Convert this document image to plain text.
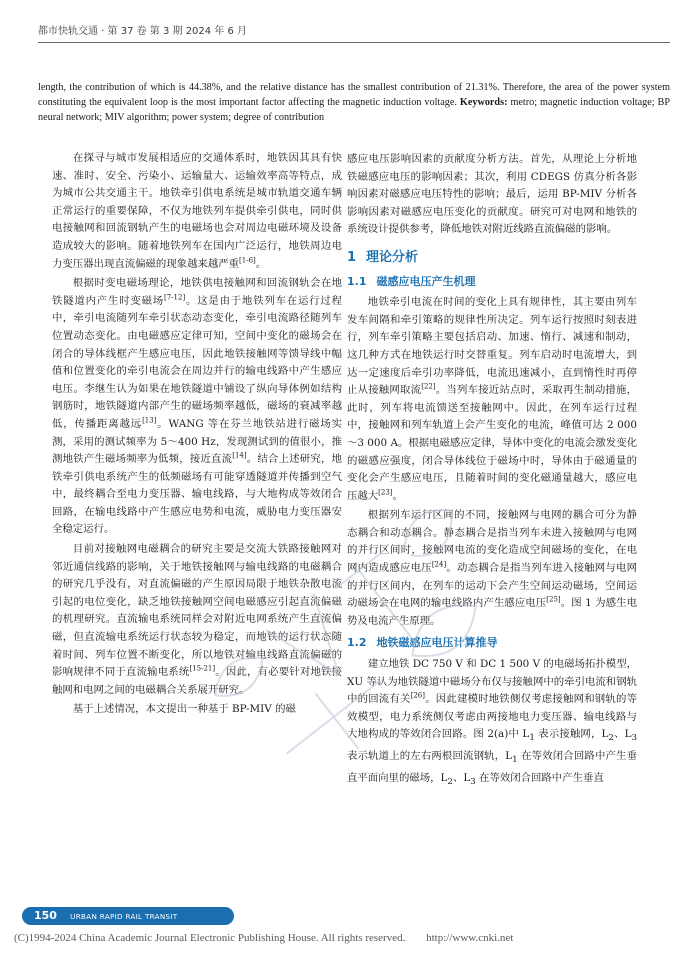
都市快轨交通 · 第 37 卷 第 3 期 2024 年 6 月
length, the contribution of which is 44.38%, and the relative distance has the smallest contribution of 21.31%. Therefore, the area of the power system constituting the equivalent loop is the most important factor affecting the magnetic induction voltage. Keywords: metro; magnetic induction voltage; BP neural network; MIV algorithm; power system; degree of contribution

在探寻与城市发展相适应的交通体系时，地铁因其具有快速、准时、安全、污染小、运输量大、运输效率高等特点，成为城市公共交通主干。地铁牵引供电系统是城市轨道交通车辆正常运行的重要保障，不仅为地铁列车提供牵引供电，同时供电接触网和回流钢轨产生的电磁场也会对周边电磁环境及设备造成较大的影响。随着地铁列车在国内广泛运行，地铁周边电力变压器出现直流偏磁的现象越来越严重[1-6]。

根据时变电磁场理论，地铁供电接触网和回流钢轨会在地铁隧道内产生时变磁场[7-12]。这是由于地铁列车在运行过程中，牵引电流随列车牵引状态动态变化，牵引电流路径随列车位置动态变化。由电磁感应定律可知，空间中变化的磁场会在闭合的导体线框产生感应电压，因此地铁接触网等馈导线中幅值和位置变化的牵引电流会在周边并行的输电线路中产生感应电压。李继生认为如果在地铁隧道中铺设了纵向导体例如结构钢筋时，地铁隧道内部产生的磁场频率越低，磁场的衰减率越低，传播距离越远[13]。WANG 等在芬兰地铁站进行磁场实测，采用的测试频率为 5～400 Hz，发现测试到的值很小，推测地铁产生磁场频率为低频，接近直流[14]。结合上述研究，地铁牵引供电系统产生的低频磁场有可能穿透隧道并传播到空气中，最终耦合至电力变压器、输电线路，与大地构成等效闭合回路，在输电线路中产生感应电势和电流，威胁电力变压器安全稳定运行。

目前对接触网电磁耦合的研究主要是交流大铁路接触网对邻近通信线路的影响，关于地铁接触网与输电线路的电磁耦合的研究几乎没有，对直流偏磁的产生原因局限于地铁杂散电流引起的电位变化，缺乏地铁接触网空间电磁感应引起直流偏磁的机理研究。直流输电系统同样会对附近电网系统产生直流偏磁，但直流输电系统运行状态较为稳定，而地铁的运行状态随着时间、列车位置不断变化，所以地铁对输电线路直流偏磁的影响规律不同于直流输电系统[15-21]。因此，有必要针对地铁接触网和电网之间的电磁耦合关系展开研究。

基于上述情况，本文提出一种基于 BP-MIV 的磁

感应电压影响因素的贡献度分析方法。首先，从理论上分析地铁磁感应电压的影响因素；其次，利用 CDEGS 仿真分析各影响因素对磁感应电压特性的影响；最后，运用 BP-MIV 分析各影响因素对磁感应电压变化的贡献度。研究可对电网和地铁的系统设计提供参考，降低地铁对附近线路直流偏磁的影响。

1 理论分析
1.1 磁感应电压产生机理

地铁牵引电流在时间的变化上具有规律性，其主要由列车发车间隔和牵引策略的规律性所决定。列车运行按照时刻表进行，列车牵引策略主要包括启动、加速、惰行、减速和制动，这几种方式在地铁运行时交替重复。列车启动时电流增大，到达一定速度后牵引功率降低，电流迅速减小，直到惰性时再停止从接触网取流[22]。当列车接近站点时，采取再生制动措施，此时，列车将电流馈送至接触网中。因此，在列车运行过程中，接触网和列车轨道上会产生变化的电流，峰值可达 2 000～3 000 A。根据电磁感应定律，导体中变化的电流会激发变化的磁感应强度，闭合导体线位于磁场中时，导体由于磁通量的变化会产生感应电压，且随着时间的变化磁通量越大，感应电压越大[23]。

根据列车运行区间的不同，接触网与电网的耦合可分为静态耦合和动态耦合。静态耦合是指当列车未进入接触网与电网的并行区间时，接触网电流的变化造成空间磁场的变化，在电网内造成感应电压[24]。动态耦合是指当列车进入接触网与电网的并行区间内，在列车的运动下会产生空间运动磁场，空间运动磁场会在电网的输电线路内产生感应电压[25]。图 1 为感生电势及电流产生原理。

1.2 地铁磁感应电压计算推导

建立地铁 DC 750 V 和 DC 1 500 V 的电磁场拓扑模型，XU 等认为地铁隧道中磁场分布仅与接触网中的牵引电流和钢轨中的回流有关[26]。因此建模时地铁侧仅考虑接触网和钢轨的等效模型，电力系统侧仅考虑由两接地电力变压器、输电线路与大地构成的等效闭合回路。图 2(a)中 $L_1$ 表示接触网，$L_2$、$L_3$ 表示轨道上的左右两根回流钢轨，$L_1$ 在等效闭合回路中产生垂直平面向里的磁场，$L_2$、$L_3$ 在等效闭合回路中产生垂直

150 URBAN RAPID RAIL TRANSIT
(C)1994-2024 China Academic Journal Electronic Publishing House. All rights reserved. http://www.cnki.net
